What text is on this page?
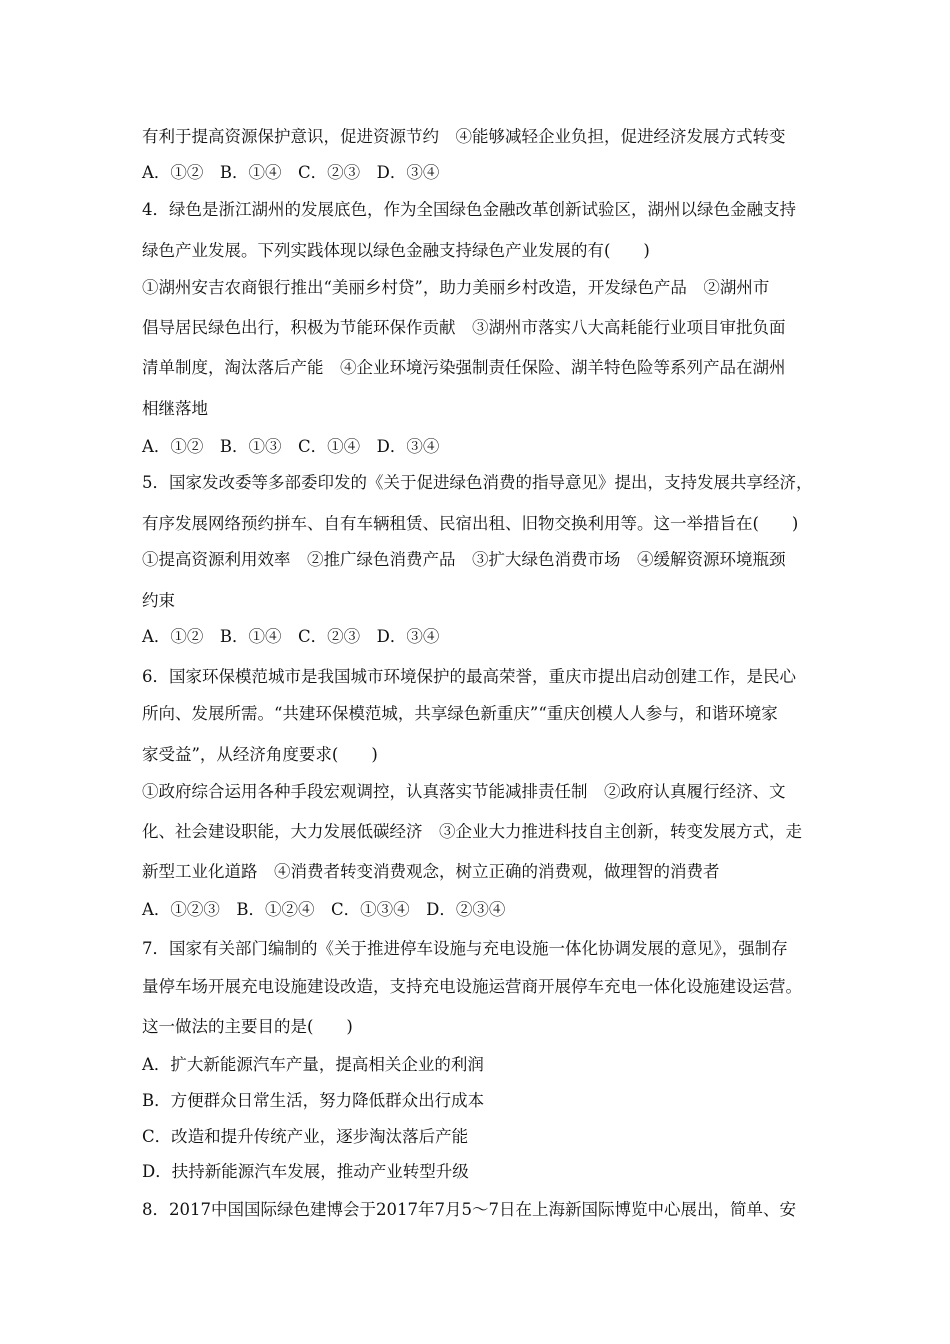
有利于提高资源保护意识，促进资源节约　④能够减轻企业负担，促进经济发展方式转变
A．①②　B．①④　C．②③　D．③④
4．绿色是浙江湖州的发展底色，作为全国绿色金融改革创新试验区，湖州以绿色金融支持
绿色产业发展。下列实践体现以绿色金融支持绿色产业发展的有(　　)
①湖州安吉农商银行推出“美丽乡村贷”，助力美丽乡村改造，开发绿色产品　②湖州市
倡导居民绿色出行，积极为节能环保作贡献　③湖州市落实八大高耗能行业项目审批负面
清单制度，淘汰落后产能　④企业环境污染强制责任保险、湖羊特色险等系列产品在湖州
相继落地
A．①②　B．①③　C．①④　D．③④
5．国家发改委等多部委印发的《关于促进绿色消费的指导意见》提出，支持发展共享经济，
有序发展网络预约拼车、自有车辆租赁、民宿出租、旧物交换利用等。这一举措旨在(　　)
①提高资源利用效率　②推广绿色消费产品　③扩大绿色消费市场　④缓解资源环境瓶颈
约束
A．①②　B．①④　C．②③　D．③④
6．国家环保模范城市是我国城市环境保护的最高荣誉，重庆市提出启动创建工作，是民心
所向、发展所需。“共建环保模范城，共享绿色新重庆”“重庆创模人人参与，和谐环境家
家受益”，从经济角度要求(　　)
①政府综合运用各种手段宏观调控，认真落实节能减排责任制　②政府认真履行经济、文
化、社会建设职能，大力发展低碳经济　③企业大力推进科技自主创新，转变发展方式，走
新型工业化道路　④消费者转变消费观念，树立正确的消费观，做理智的消费者
A．①②③　B．①②④　C．①③④　D．②③④
7．国家有关部门编制的《关于推进停车设施与充电设施一体化协调发展的意见》，强制存
量停车场开展充电设施建设改造，支持充电设施运营商开展停车充电一体化设施建设运营。
这一做法的主要目的是(　　)
A．扩大新能源汽车产量，提高相关企业的利润
B．方便群众日常生活，努力降低群众出行成本
C．改造和提升传统产业，逐步淘汰落后产能
D．扶持新能源汽车发展，推动产业转型升级
8．2017中国国际绿色建博会于2017年7月5～7日在上海新国际博览中心展出，简单、安
